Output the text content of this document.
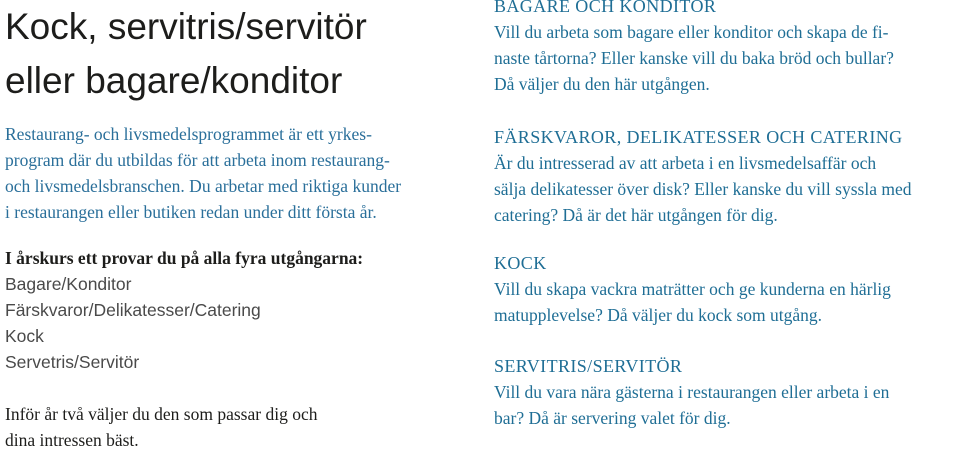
Kock, servitris/servitör
eller bagare/konditor

Restaurang- och livsmedelsprogrammet är ett yrkes-
program där du utbildas för att arbeta inom restaurang-
och livsmedelsbranschen. Du arbetar med riktiga kunder
i restaurangen eller butiken redan under ditt första år.

I årskurs ett provar du på alla fyra utgångarna:

Bagare/Konditor
Färskvaror/Delikatesser/Catering
Kock
Servetris/Servitör

Inför år två väljer du den som passar dig och
dina intressen bäst.

BAGARE OCH KONDITOR

Vill du arbeta som bagare eller konditor och skapa de fi-
naste tårtorna? Eller kanske vill du baka bröd och bullar?
Då väljer du den här utgången.

FÄRSKVAROR, DELIKATESSER OCH CATERING

Är du intresserad av att arbeta i en livsmedelsaffär och
sälja delikatesser över disk? Eller kanske du vill syssla med
catering? Då är det här utgången för dig.

KOCK

Vill du skapa vackra maträtter och ge kunderna en härlig
matupplevelse? Då väljer du kock som utgång.

SERVITRIS/SERVITÖR

Vill du vara nära gästerna i restaurangen eller arbeta i en
bar? Då är servering valet för dig.
